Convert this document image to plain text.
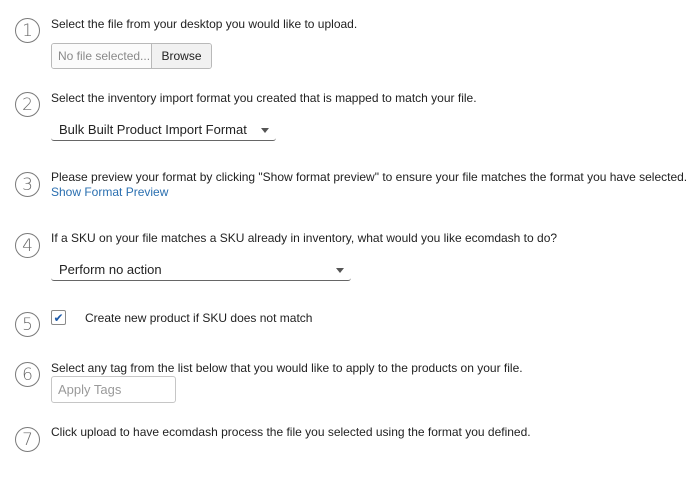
1	Select the file from your desktop you would like to upload.
No file selected... Browse
2	Select the inventory import format you created that is mapped to match your file.
Bulk Built Product Import Format
3	Please preview your format by clicking "Show format preview" to ensure your file matches the format you have selected.
Show Format Preview
4	If a SKU on your file matches a SKU already in inventory, what would you like ecomdash to do?
Perform no action
5	✔ Create new product if SKU does not match
6	Select any tag from the list below that you would like to apply to the products on your file.
Apply Tags
7	Click upload to have ecomdash process the file you selected using the format you defined.
